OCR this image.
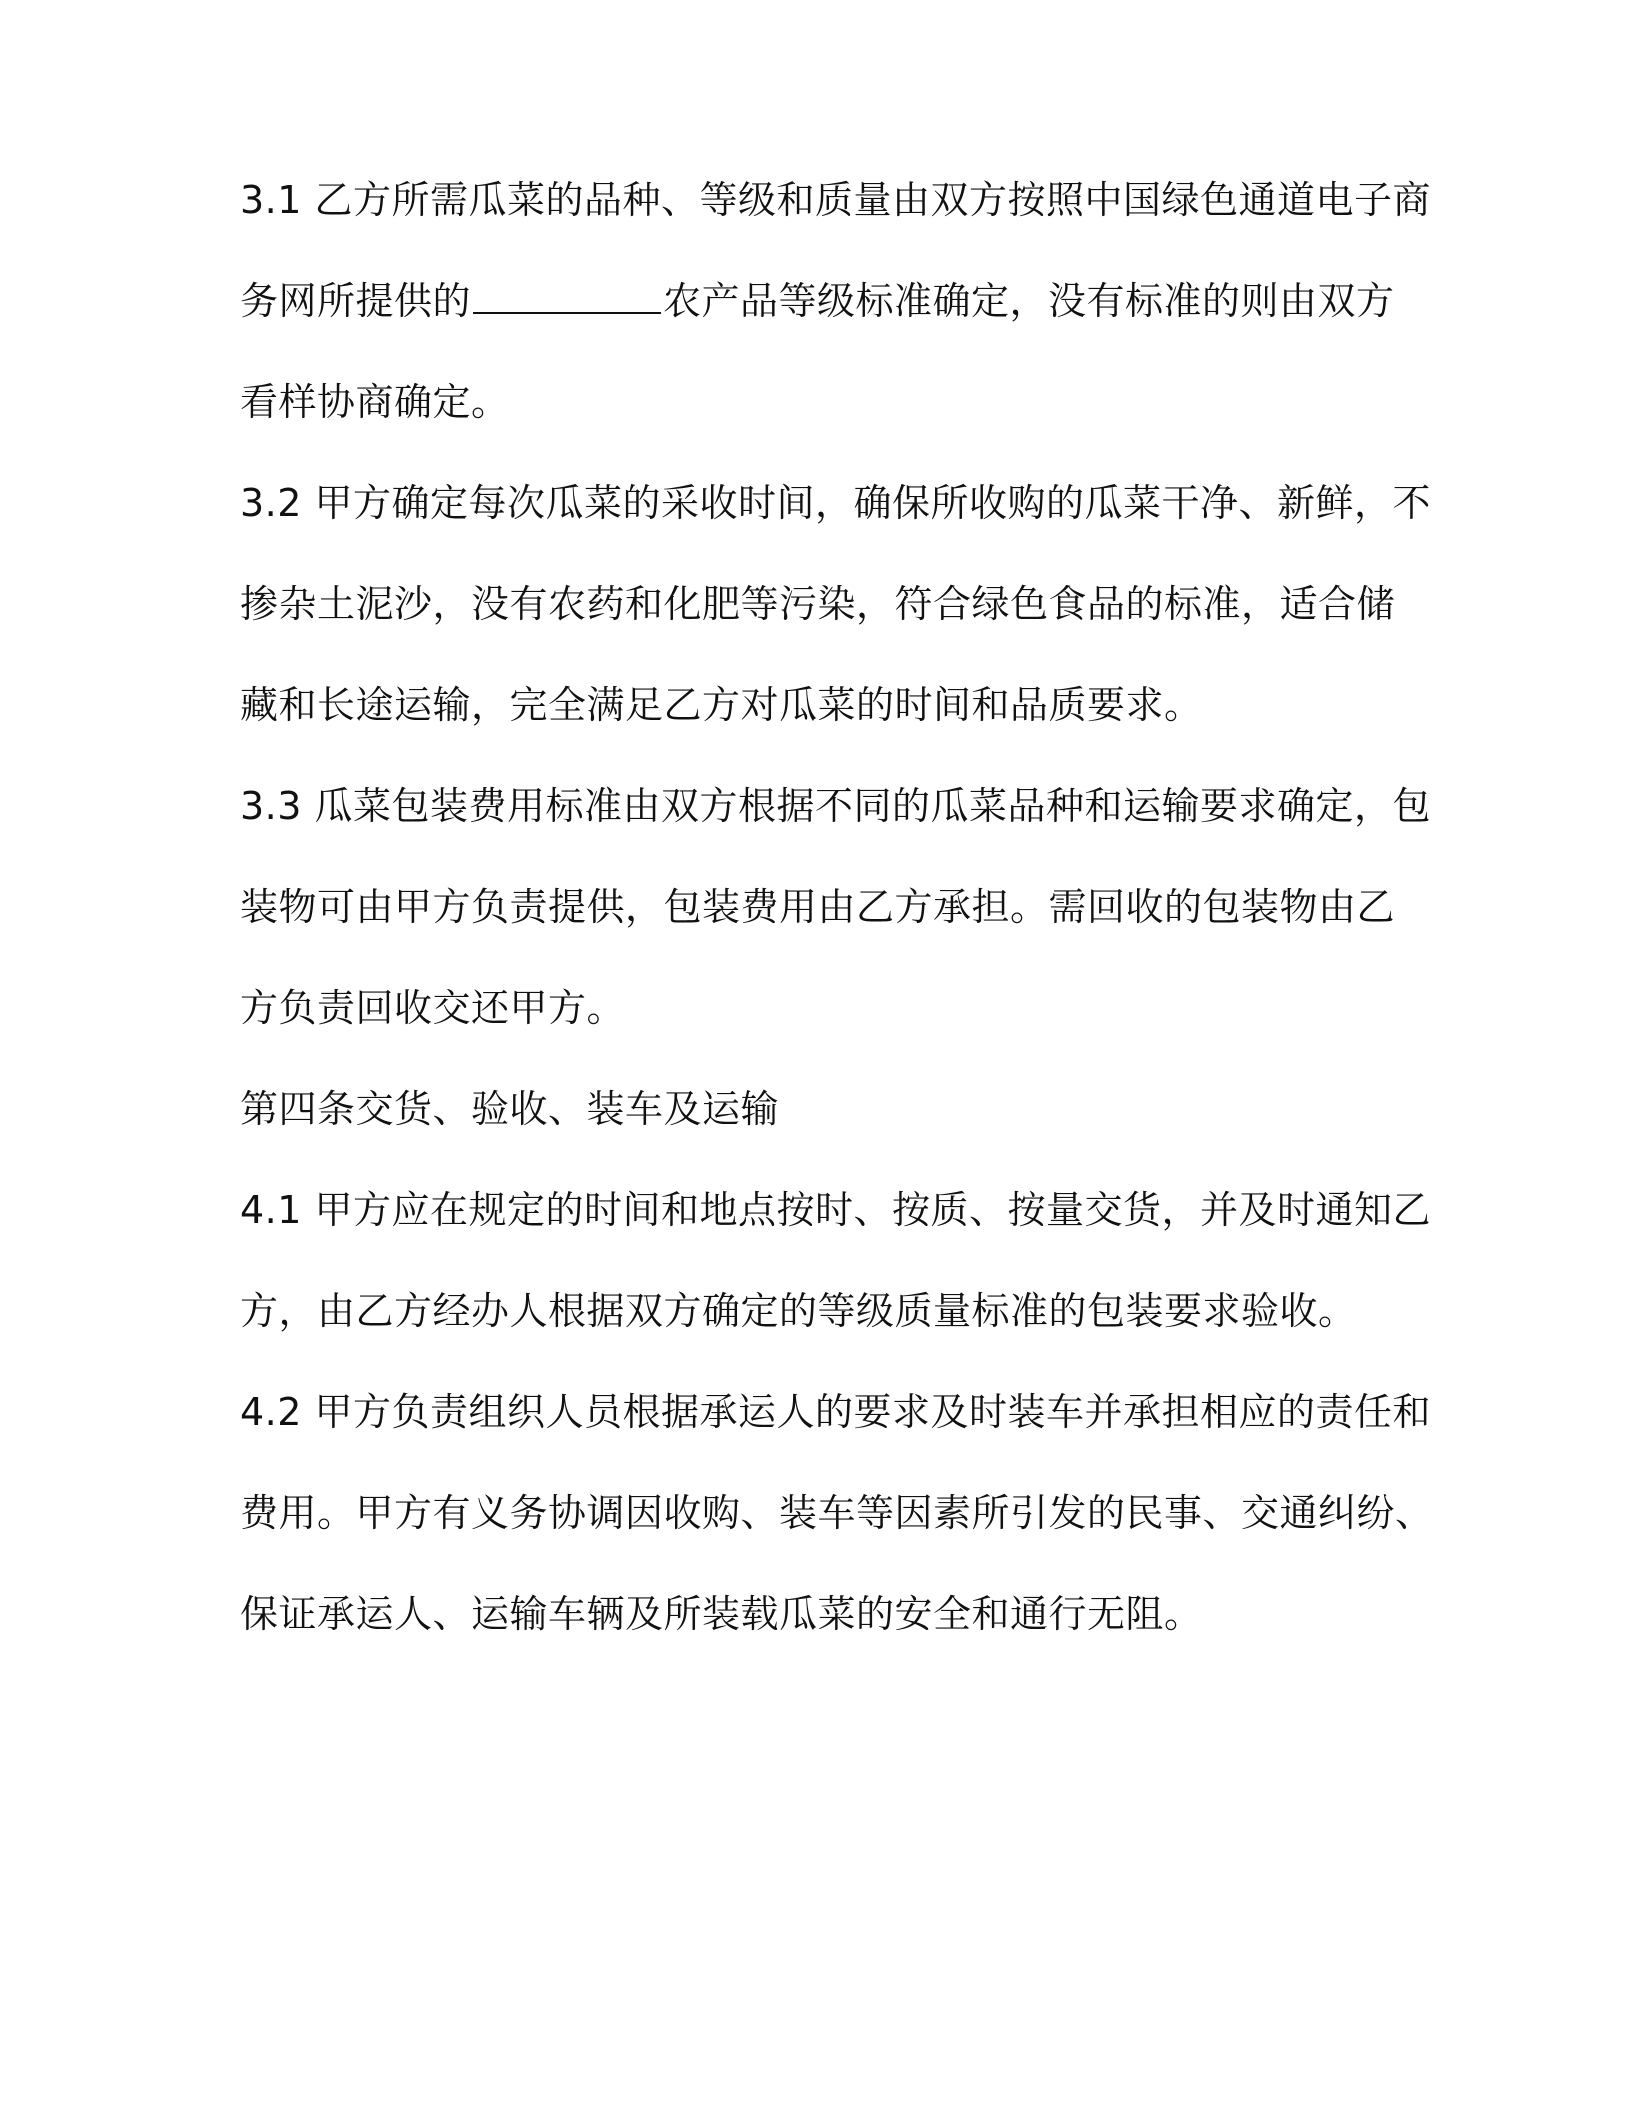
3.1 乙方所需瓜菜的品种、等级和质量由双方按照中国绿色通道电子商
务网所提供的	农产品等级标准确定，没有标准的则由双方
看样协商确定。
3.2 甲方确定每次瓜菜的采收时间，确保所收购的瓜菜干净、新鲜，不
掺杂土泥沙，没有农药和化肥等污染，符合绿色食品的标准，适合储
藏和长途运输，完全满足乙方对瓜菜的时间和品质要求。
3.3 瓜菜包装费用标准由双方根据不同的瓜菜品种和运输要求确定，包
装物可由甲方负责提供，包装费用由乙方承担。需回收的包装物由乙
方负责回收交还甲方。
第四条交货、验收、装车及运输
4.1 甲方应在规定的时间和地点按时、按质、按量交货，并及时通知乙
方，由乙方经办人根据双方确定的等级质量标准的包装要求验收。
4.2 甲方负责组织人员根据承运人的要求及时装车并承担相应的责任和
费用。甲方有义务协调因收购、装车等因素所引发的民事、交通纠纷、
保证承运人、运输车辆及所装载瓜菜的安全和通行无阻。
